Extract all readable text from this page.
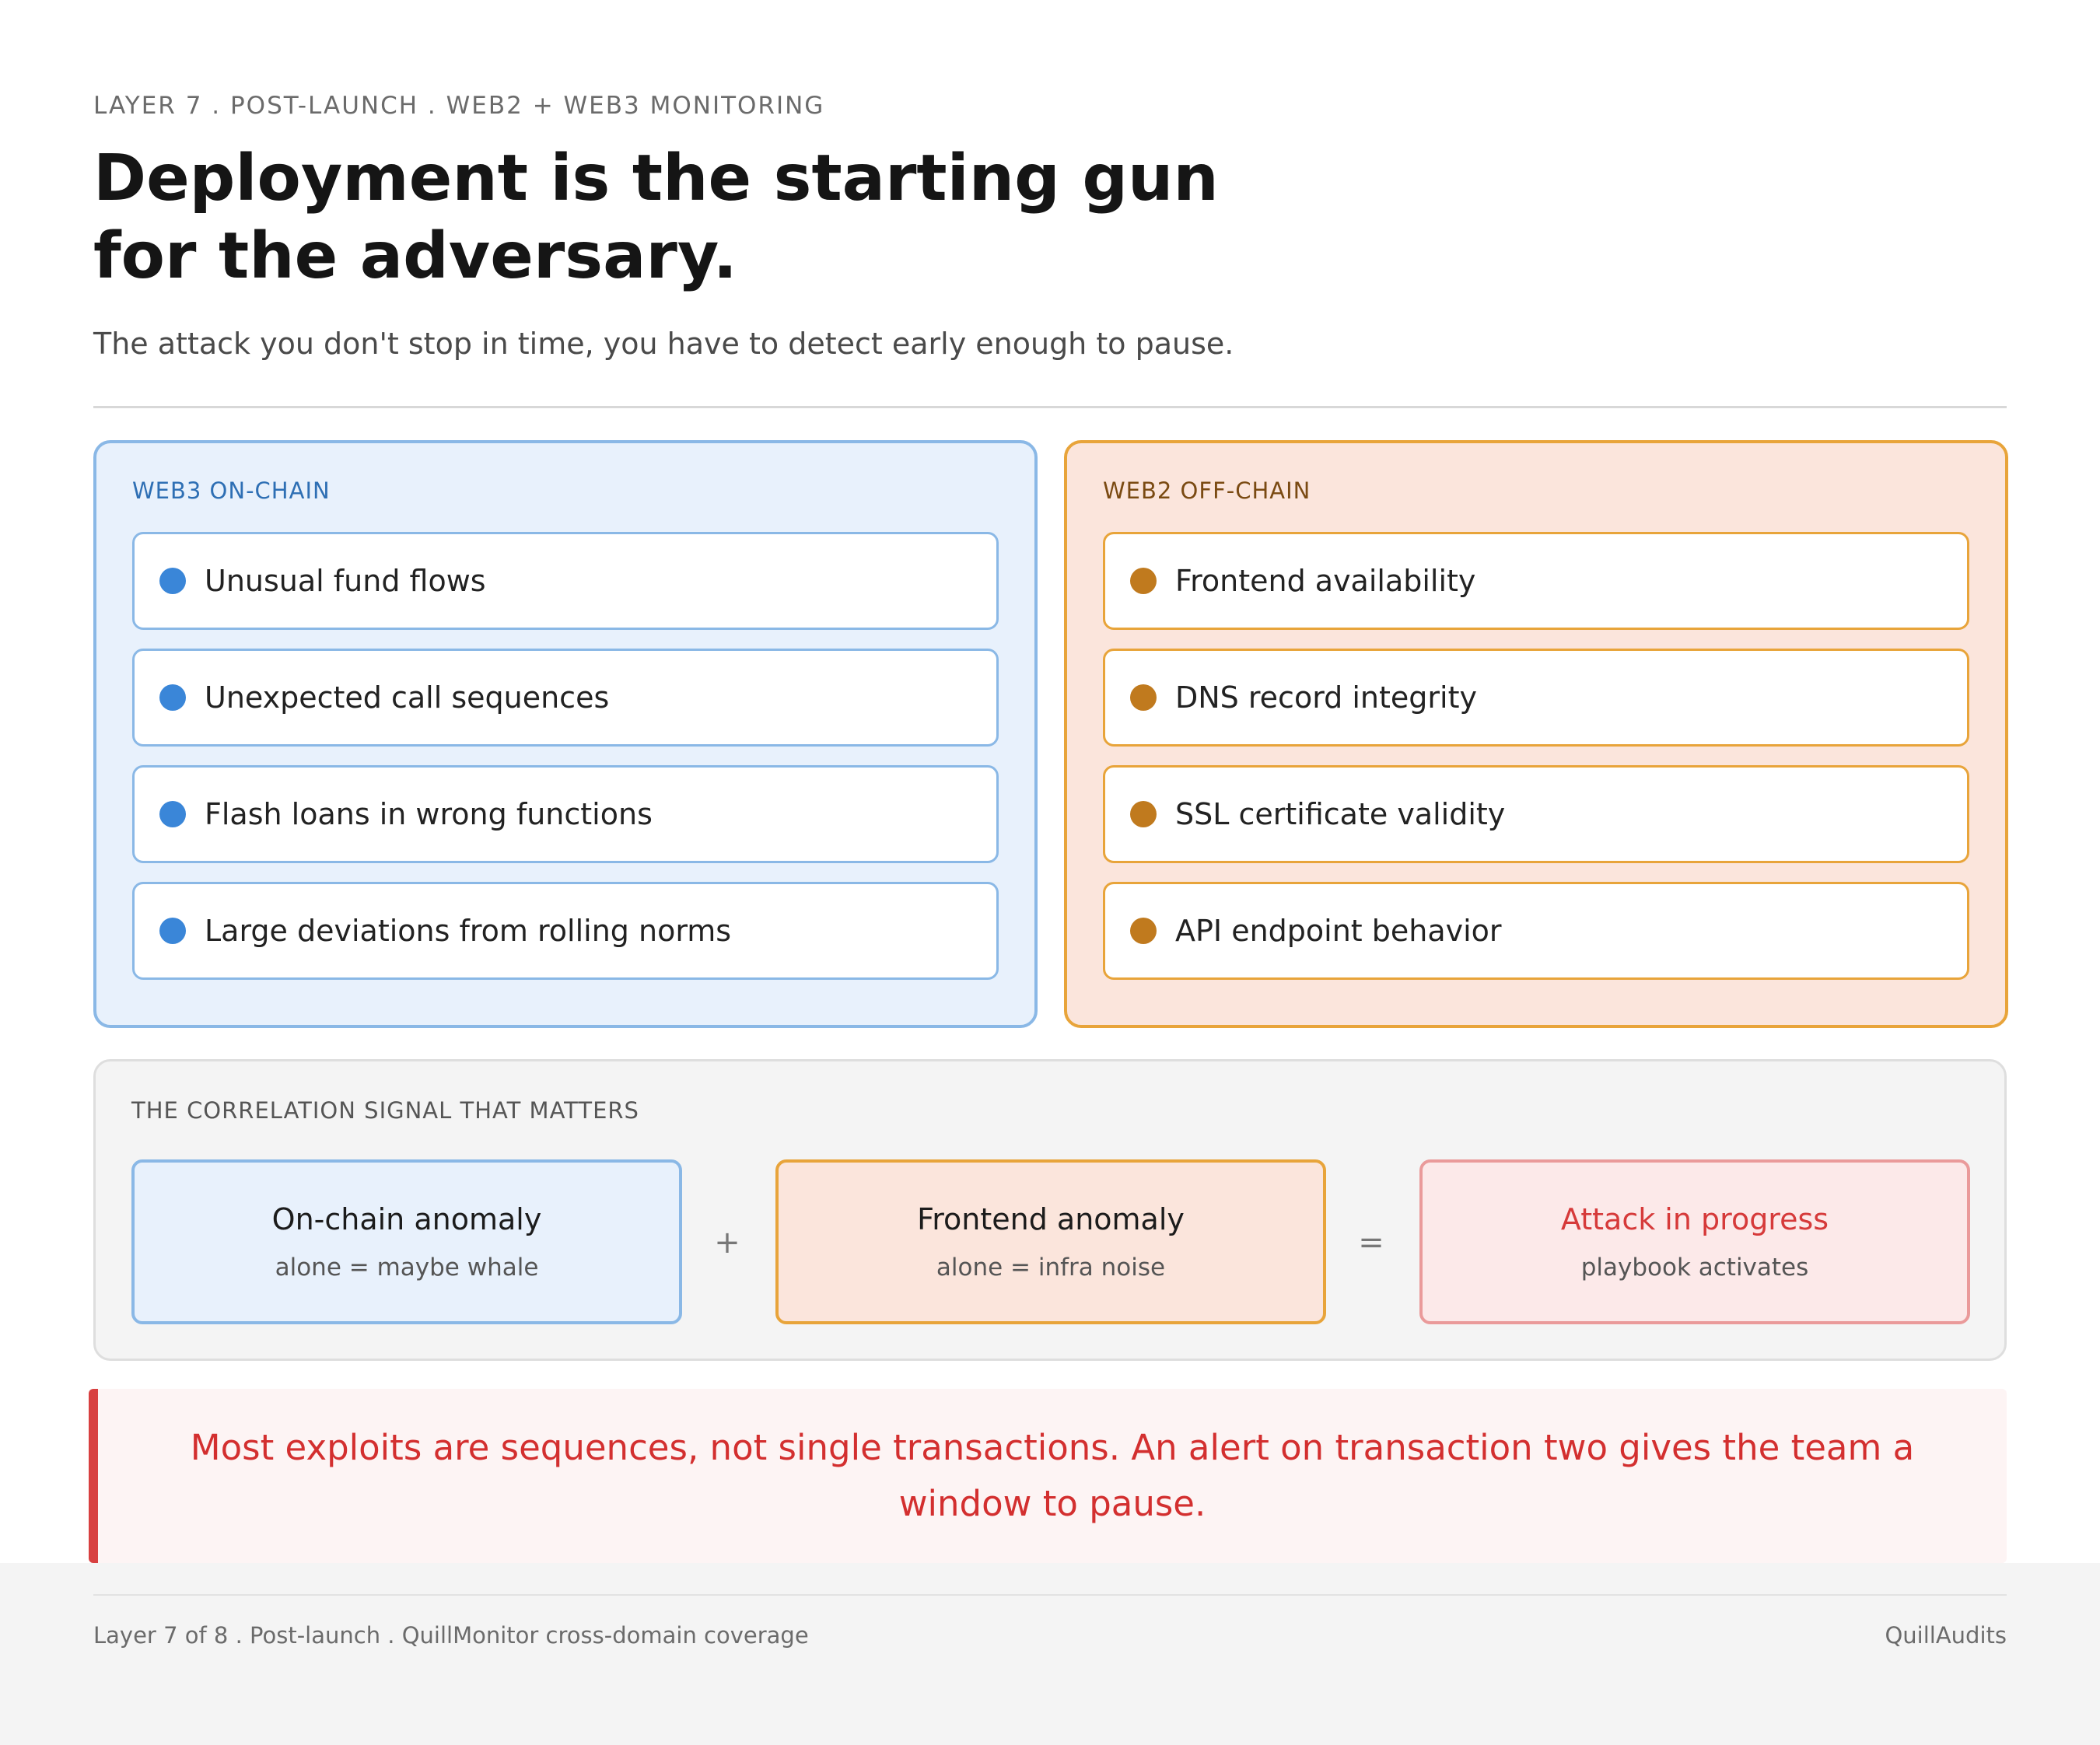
LAYER 7 . POST-LAUNCH . WEB2 + WEB3 MONITORING
Deployment is the starting gun
for the adversary.
The attack you don't stop in time, you have to detect early enough to pause.
WEB3 ON-CHAIN
Unusual fund flows
Unexpected call sequences
Flash loans in wrong functions
Large deviations from rolling norms
WEB2 OFF-CHAIN
Frontend availability
DNS record integrity
SSL certificate validity
API endpoint behavior
THE CORRELATION SIGNAL THAT MATTERS
On-chain anomaly
alone = maybe whale
+
Frontend anomaly
alone = infra noise
=
Attack in progress
playbook activates
Most exploits are sequences, not single transactions. An alert on transaction two gives the team a window to pause.
Layer 7 of 8 . Post-launch . QuillMonitor cross-domain coverage	QuillAudits
